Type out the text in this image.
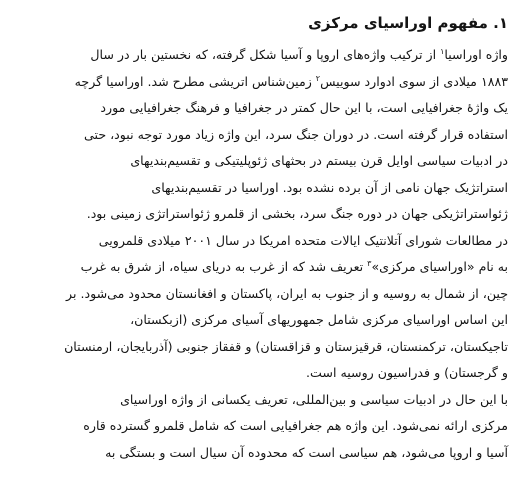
۱. مفهوم اوراسیای مرکزی
واژه اوراسیا$^۱$ از ترکیب واژه‌های اروپا و آسیا شکل گرفته، که نخستین بار در سال
۱۸۸۳ میلادی از سوی ادوارد سوییس$^۲$ زمین‌شناس اتریشی مطرح شد. اوراسیا گرچه
یک واژهٔ جغرافیایی است، با این حال کمتر در جغرافیا و فرهنگ جغرافیایی مورد
استفاده قرار گرفته است. در دوران جنگ سرد، این واژه زیاد مورد توجه نبود، حتی
در ادبیات سیاسی اوایل قرن بیستم در بحثهای ژئوپلیتیکی و تقسیم‌بندیهای
استراتژیک جهان نامی از آن برده نشده بود. اوراسیا در تقسیم‌بندیهای
ژئواستراتژیکی جهان در دوره جنگ سرد، بخشی از قلمرو ژئواستراتژی زمینی بود.
در مطالعات شورای آتلانتیک ایالات متحده امریکا در سال ۲۰۰۱ میلادی قلمرویی
به نام «اوراسیای مرکزی»$^۳$ تعریف شد که از غرب به دریای سیاه، از شرق به غرب
چین، از شمال به روسیه و از جنوب به ایران، پاکستان و افغانستان محدود می‌شود. بر
این اساس اوراسیای مرکزی شامل جمهوریهای آسیای مرکزی (ازبکستان،
تاجیکستان، ترکمنستان، قرقیزستان و قزاقستان) و قفقاز جنوبی (آذربایجان، ارمنستان
و گرجستان) و فدراسیون روسیه است.
با این حال در ادبیات سیاسی و بین‌المللی، تعریف یکسانی از واژه اوراسیای
مرکزی ارائه نمی‌شود. این واژه هم جغرافیایی است که شامل قلمرو گسترده قاره
آسیا و اروپا می‌شود، هم سیاسی است که محدوده آن سیال است و بستگی به
